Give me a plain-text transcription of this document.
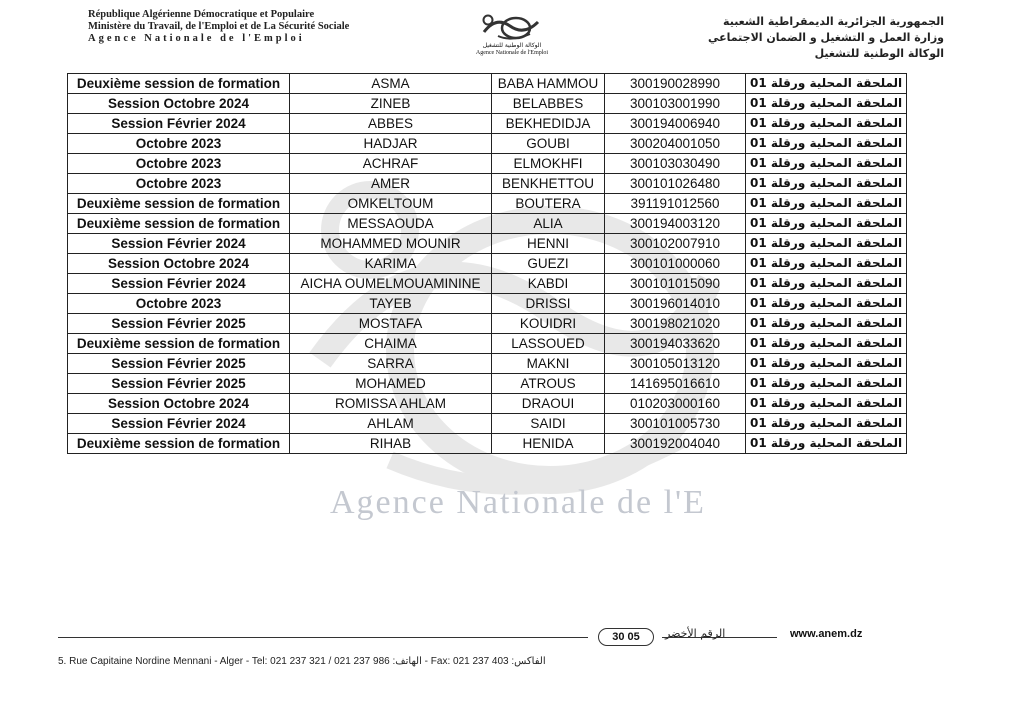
République Algérienne Démocratique et Populaire
Ministère du Travail, de l'Emploi et de La Sécurité Sociale
Agence Nationale de l'Emploi
الوكالة الوطنية للتشغيل
Agence Nationale de l'Emploi
الجمهورية الجزائرية الديمقراطية الشعبية
وزارة العمل و التشغيل و الضمان الاجتماعي
الوكالة الوطنية للتشغيل
Agence Nationale de l'E
Deuxième session de formation	ASMA	BABA HAMMOU	300190028990	الملحقة المحلية ورقلة 01
Session Octobre 2024	ZINEB	BELABBES	300103001990	الملحقة المحلية ورقلة 01
Session Février 2024	ABBES	BEKHEDIDJA	300194006940	الملحقة المحلية ورقلة 01
Octobre 2023	HADJAR	GOUBI	300204001050	الملحقة المحلية ورقلة 01
Octobre 2023	ACHRAF	ELMOKHFI	300103030490	الملحقة المحلية ورقلة 01
Octobre 2023	AMER	BENKHETTOU	300101026480	الملحقة المحلية ورقلة 01
Deuxième session de formation	OMKELTOUM	BOUTERA	391191012560	الملحقة المحلية ورقلة 01
Deuxième session de formation	MESSAOUDA	ALIA	300194003120	الملحقة المحلية ورقلة 01
Session Février 2024	MOHAMMED MOUNIR	HENNI	300102007910	الملحقة المحلية ورقلة 01
Session Octobre 2024	KARIMA	GUEZI	300101000060	الملحقة المحلية ورقلة 01
Session Février 2024	AICHA OUMELMOUAMININE	KABDI	300101015090	الملحقة المحلية ورقلة 01
Octobre 2023	TAYEB	DRISSI	300196014010	الملحقة المحلية ورقلة 01
Session Février 2025	MOSTAFA	KOUIDRI	300198021020	الملحقة المحلية ورقلة 01
Deuxième session de formation	CHAIMA	LASSOUED	300194033620	الملحقة المحلية ورقلة 01
Session Février 2025	SARRA	MAKNI	300105013120	الملحقة المحلية ورقلة 01
Session Février 2025	MOHAMED	ATROUS	141695016610	الملحقة المحلية ورقلة 01
Session Octobre 2024	ROMISSA AHLAM	DRAOUI	010203000160	الملحقة المحلية ورقلة 01
Session Février 2024	AHLAM	SAIDI	300101005730	الملحقة المحلية ورقلة 01
Deuxième session de formation	RIHAB	HENIDA	300192004040	الملحقة المحلية ورقلة 01
30 05	الرقم الأخضر	www.anem.dz
5. Rue Capitaine Nordine Mennani - Alger - Tel: 021 237 321 / 021 237 986 :الهاتف - Fax: 021 237 403 :الفاكس
